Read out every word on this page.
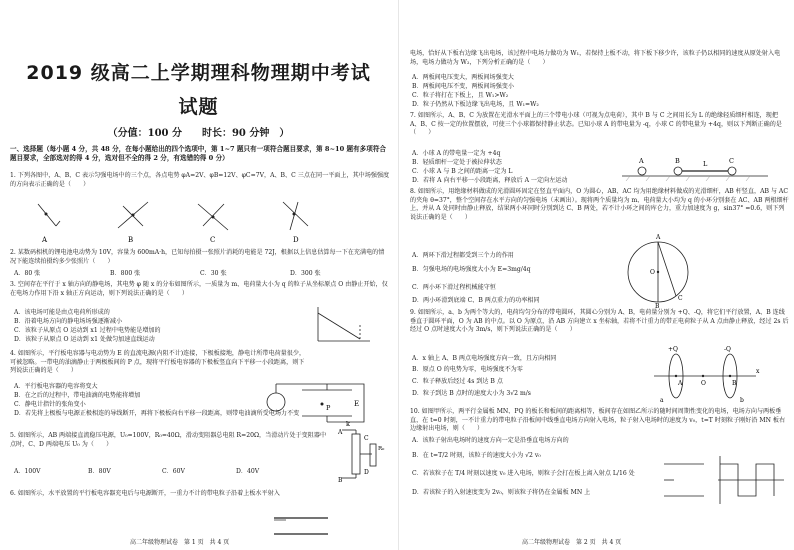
2019 级高二上学期理科物理期中考试
试题
（分值：100 分　　时长：90 分钟　）
一、选择题（每小题 4 分，共 48 分，在每小题给出的四个选项中，第 1~7 题只有一项符合题目要求，第 8~10 题有多项符合题目要求，全部选对的得 4 分，选对但不全的得 2 分，有选错的得 0 分）
1. 下列各图中，A、B、C 表示匀强电场中的三个点，各点电势 φA=2V、φB=12V、φC=7V，A、B、C 三点在同一平面上，其中场强强度的方向表示正确的是（　　）
A	B	C	D
2. 某数码相机的锂电池电动势为 10V，容量为 600mA·h，已知每拍摄一张照片消耗的电能是 72J，根据以上信息估算每一下在充满电的情况下能连续拍摄约多少张照片（　　）
A．80 张	B．800 张	C．30 张	D．300 张
3. 空间存在平行于 x 轴方向的静电场，其电势 φ 随 x 的分布如图所示，一质量为 m、电荷量大小为 q 的粒子从坐标原点 O 由静止开始，仅在电场力作用下沿 x 轴正方向运动，则下列说法正确的是（　　）
A．该电场可能是由点电荷所形成的
B．沿着电场方向的静电场场强逐渐减小
C．该粒子从原点 O 运动到 x1 过程中电势能是增加的
D．该粒子从原点 O 运动到 x1 处做匀加速直线运动
4. 如图所示，平行板电容器与电动势为 E 的直流电源(内阻不计)连接，下极板接地，静电计所带电荷量很少，可被忽略。一带电的油滴静止于两极板间的 P 点，现将平行板电容器的下极板竖直向下平移一小段距离，则下列说法正确的是（　　）
A．平行板电容器的电容将变大
B．在之后的过程中，带电油滴的电势能将增加
C．静电计指针的张角变小
D．若先将上极板与电源正极相连的导线断开，再将下极板向右平移一段距离，则带电油滴所受电场力不变
E
P
k
5. 如图所示，AB 两端接直流稳压电源，U₀=100V，R₀=40Ω，滑动变阻器总电阻 R=20Ω，当滑动片处于变阻器中点时，C、D 两端电压 U₀ 为（　　）
A
B
C
D
R₀
A．100V	B．80V	C．60V	D．40V
6. 如图所示，水平放置的平行板电容器充电后与电源断开，一重力不计的带电粒子沿着上板水平射入
高二年级物理试卷　第 1 页　共 4 页
电场，恰好从下板右边缘飞出电场，该过程中电场力做功为 W₁，若保持上板不动，将下板下移少许，该粒子仍以相同的速度从原处射入电场，电场力做功为 W₂，下列分析正确的是（　　）
A．两板间电压变大，两板间场强变大
B．两板间电压不变，两板间场强变小
C．粒子将打在下板上，且 W₁>W₂
D．粒子仍然从下板边缘飞出电场，且 W₁=W₂
7. 如图所示，A、B、C 为放置在光滑水平面上的三个带电小球（可视为点电荷），其中 B 与 C 之间用长为 L 的绝缘轻质细杆相连，现把 A、B、C 按一定的位置摆放，可使三个小球都保持静止状态。已知小球 A 的带电量为 -q，小球 C 的带电量为 +4q，则以下判断正确的是（　　）
A．小球 A 的带电量一定为 +4q
B．轻质细杆一定处于被拉伸状态
C．小球 A 与 B 之间的距离一定为 L
D．若将 A 向右平移一小段距离，释放后 A 一定向左运动
A	B	L	C
8. 如图所示，用绝缘材料做成的光滑圆环固定在竖直平面内，O 为圆心，AB、AC 均为用绝缘材料做成的光滑细杆，AB 杆竖直，AB 与 AC 的夹角 θ=37°，整个空间存在水平方向的匀强电场（未画出）。现将两个质量均为 m、电荷量大小均为 q 的小环分别套在 AC、AB 两根细杆上，并从 A 处同时由静止释放，结果两小环同时分别到达 C、B 两处，若不计小环之间的库仑力，重力加速度为 g，sin37° =0.6，则下列说法正确的是（　　）
A．两环下滑过程都受到三个力的作用
B．匀强电场的电场强度大小为 E=3mg/4q
C．两小环下滑过程机械能守恒
D．两小环滑到底端 C、B 两点重力的功率相同
A
O
C
B
9. 如图所示，a、b 为两个等大的，电荷均匀分布的带电圆环，其圆心分别为 A、B，电荷量分别为 +Q、-Q，将它们平行放置，A、B 连线垂直于圆环平面，O 为 AB 的中点。以 O 为原点，沿 AB 方向建立 x 坐标轴，若将不计重力的带正电荷粒子从 A 点由静止释放，经过 2s 后经过 O 点时速度大小为 3m/s，则下列说法正确的是（　　）
A．x 轴上 A、B 两点电场强度方向一致，且方向相同
B．原点 O 的电势为零，电场强度不为零
C．粒子释放后经过 4s 到达 B 点
D．粒子到达 B 点时的速度大小为 3√2 m/s
+Q	-Q
a	b
A	O	B
x
10. 如图甲所示，两平行金属板 MN、PQ 的板长和板间的距离相等，板间存在如图乙所示的随时间周期性变化的电场，电场方向与两板垂直，在 t=0 时刻，一不计重力的带电粒子沿板间中线垂直电场方向射入电场，粒子射入电场时的速度为 v₀，t=T 时刻粒子刚好沿 MN 板右边缘射出电场，则（　　）
A．该粒子射出电场时的速度方向一定是沿垂直电场方向的
B．在 t=T/2 时刻，该粒子的速度大小为 √2 v₀
C．若该粒子在 T/4 时刻以速度 v₀ 进入电场，则粒子会打在板上离入射点 L/16 处
D．若该粒子的入射速度变为 2v₀，则该粒子将仍在金属板 MN 上
高二年级物理试卷　第 2 页　共 4 页
